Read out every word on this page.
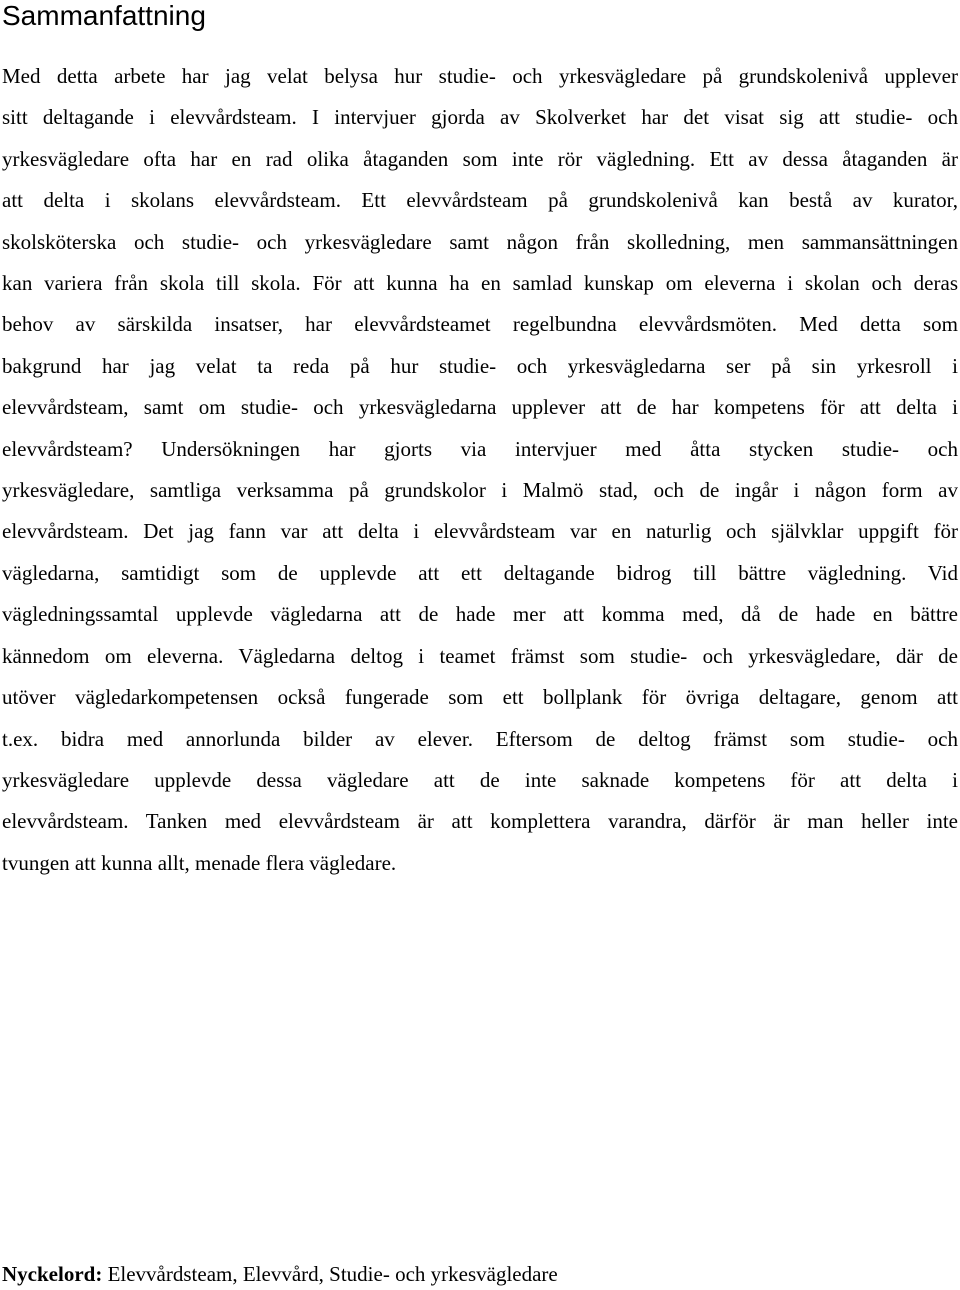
Sammanfattning
Med detta arbete har jag velat belysa hur studie- och yrkesvägledare på grundskolenivå upplever
sitt deltagande i elevvårdsteam. I intervjuer gjorda av Skolverket har det visat sig att studie- och
yrkesvägledare ofta har en rad olika åtaganden som inte rör vägledning. Ett av dessa åtaganden är
att delta i skolans elevvårdsteam. Ett elevvårdsteam på grundskolenivå kan bestå av kurator,
skolsköterska och studie- och yrkesvägledare samt någon från skolledning, men sammansättningen
kan variera från skola till skola. För att kunna ha en samlad kunskap om eleverna i skolan och deras
behov av särskilda insatser, har elevvårdsteamet regelbundna elevvårdsmöten. Med detta som
bakgrund har jag velat ta reda på hur studie- och yrkesvägledarna ser på sin yrkesroll i
elevvårdsteam, samt om studie- och yrkesvägledarna upplever att de har kompetens för att delta i
elevvårdsteam? Undersökningen har gjorts via intervjuer med åtta stycken studie- och
yrkesvägledare, samtliga verksamma på grundskolor i Malmö stad, och de ingår i någon form av
elevvårdsteam. Det jag fann var att delta i elevvårdsteam var en naturlig och självklar uppgift för
vägledarna, samtidigt som de upplevde att ett deltagande bidrog till bättre vägledning. Vid
vägledningssamtal upplevde vägledarna att de hade mer att komma med, då de hade en bättre
kännedom om eleverna. Vägledarna deltog i teamet främst som studie- och yrkesvägledare, där de
utöver vägledarkompetensen också fungerade som ett bollplank för övriga deltagare, genom att
t.ex. bidra med annorlunda bilder av elever. Eftersom de deltog främst som studie- och
yrkesvägledare upplevde dessa vägledare att de inte saknade kompetens för att delta i
elevvårdsteam. Tanken med elevvårdsteam är att komplettera varandra, därför är man heller inte
tvungen att kunna allt, menade flera vägledare.

Nyckelord: Elevvårdsteam, Elevvård, Studie- och yrkesvägledare
